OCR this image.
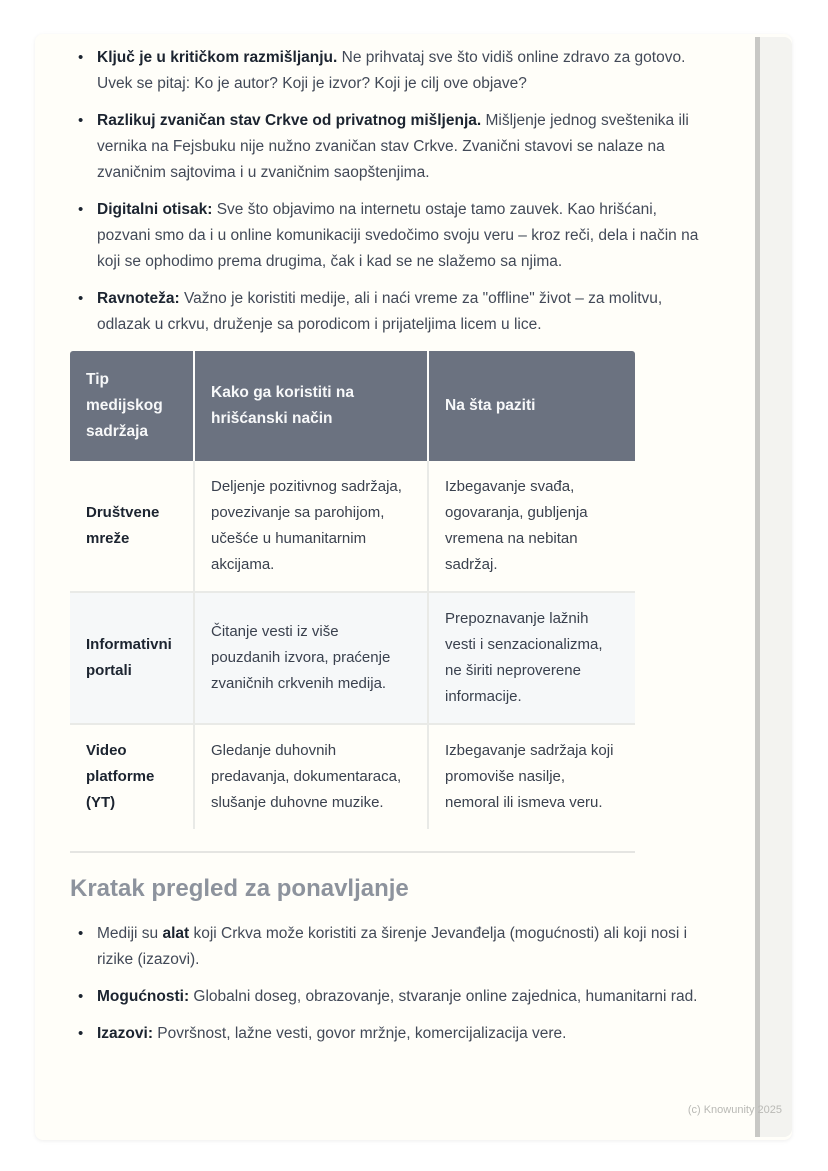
• Ključ je u kritičkom razmišljanju. Ne prihvataj sve što vidiš online zdravo za gotovo. Uvek se pitaj: Ko je autor? Koji je izvor? Koji je cilj ove objave?
• Razlikuj zvaničan stav Crkve od privatnog mišljenja. Mišljenje jednog sveštenika ili vernika na Fejsbuku nije nužno zvaničan stav Crkve. Zvanični stavovi se nalaze na zvaničnim sajtovima i u zvaničnim saopštenjima.
• Digitalni otisak: Sve što objavimo na internetu ostaje tamo zauvek. Kao hrišćani, pozvani smo da i u online komunikaciji svedočimo svoju veru – kroz reči, dela i način na koji se ophodimo prema drugima, čak i kad se ne slažemo sa njima.
• Ravnoteža: Važno je koristiti medije, ali i naći vreme za "offline" život – za molitvu, odlazak u crkvu, druženje sa porodicom i prijateljima licem u lice.
Tip medijskog sadržaja	Kako ga koristiti na hrišćanski način	Na šta paziti
Društvene mreže	Deljenje pozitivnog sadržaja, povezivanje sa parohijom, učešće u humanitarnim akcijama.	Izbegavanje svađa, ogovaranja, gubljenja vremena na nebitan sadržaj.
Informativni portali	Čitanje vesti iz više pouzdanih izvora, praćenje zvaničnih crkvenih medija.	Prepoznavanje lažnih vesti i senzacionalizma, ne širiti neproverene informacije.
Video platforme (YT)	Gledanje duhovnih predavanja, dokumentaraca, slušanje duhovne muzike.	Izbegavanje sadržaja koji promoviše nasilje, nemoral ili ismeva veru.
Kratak pregled za ponavljanje
• Mediji su alat koji Crkva može koristiti za širenje Jevanđelja (mogućnosti) ali koji nosi i rizike (izazovi).
• Mogućnosti: Globalni doseg, obrazovanje, stvaranje online zajednica, humanitarni rad.
• Izazovi: Površnost, lažne vesti, govor mržnje, komercijalizacija vere.
(c) Knowunity 2025
